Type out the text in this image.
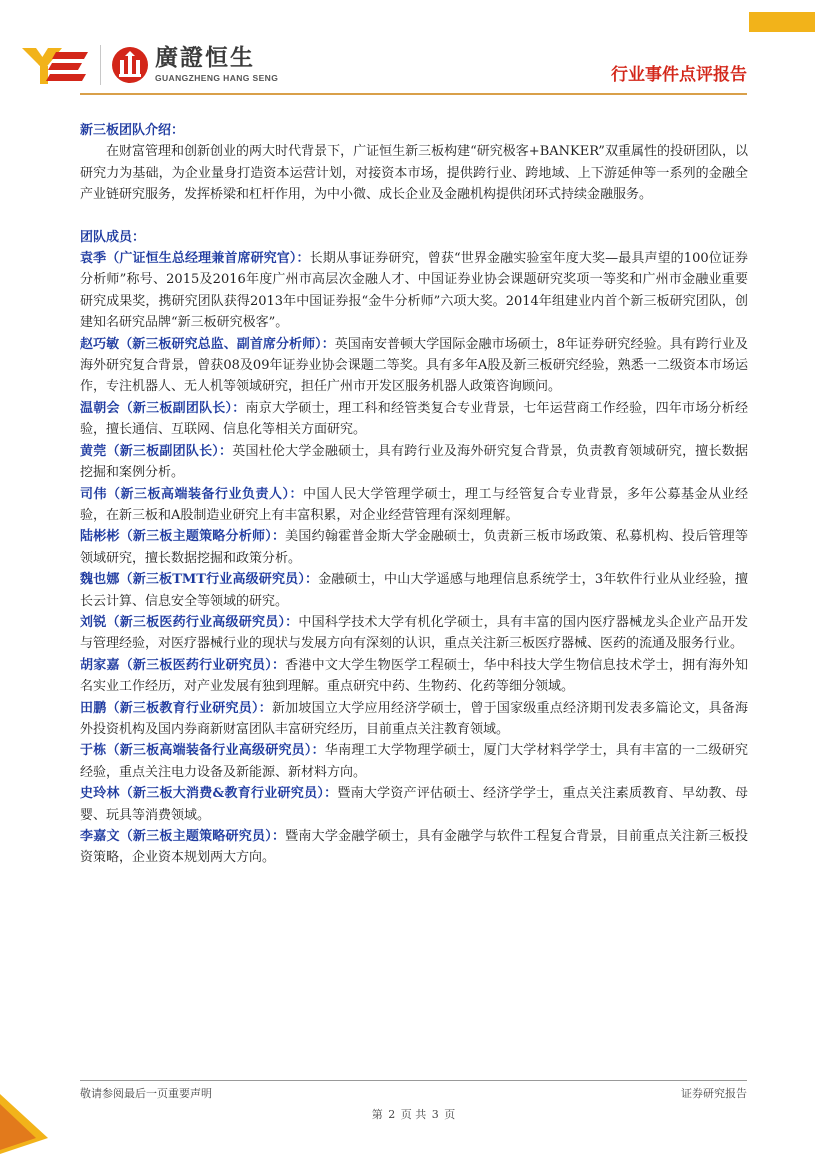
廣證恒生
GUANGZHENG HANG SENG	行业事件点评报告
新三板团队介绍：
在财富管理和创新创业的两大时代背景下，广证恒生新三板构建“研究极客+BANKER”双重属性的投研团队，以研究力为基础，为企业量身打造资本运营计划，对接资本市场，提供跨行业、跨地域、上下游延伸等一系列的金融全产业链研究服务，发挥桥梁和杠杆作用，为中小微、成长企业及金融机构提供闭环式持续金融服务。
团队成员：

袁季（广证恒生总经理兼首席研究官）：长期从事证券研究，曾获“世界金融实验室年度大奖—最具声望的100位证券分析师”称号、2015及2016年度广州市高层次金融人才、中国证券业协会课题研究奖项一等奖和广州市金融业重要研究成果奖，携研究团队获得2013年中国证券报“金牛分析师”六项大奖。2014年组建业内首个新三板研究团队，创建知名研究品牌“新三板研究极客”。

赵巧敏（新三板研究总监、副首席分析师）：英国南安普顿大学国际金融市场硕士，8年证券研究经验。具有跨行业及海外研究复合背景，曾获08及09年证券业协会课题二等奖。具有多年A股及新三板研究经验，熟悉一二级资本市场运作，专注机器人、无人机等领域研究，担任广州市开发区服务机器人政策咨询顾问。

温朝会（新三板副团队长）：南京大学硕士，理工科和经管类复合专业背景，七年运营商工作经验，四年市场分析经验，擅长通信、互联网、信息化等相关方面研究。

黄莞（新三板副团队长）：英国杜伦大学金融硕士，具有跨行业及海外研究复合背景，负责教育领域研究，擅长数据挖掘和案例分析。

司伟（新三板高端装备行业负责人）：中国人民大学管理学硕士，理工与经管复合专业背景，多年公募基金从业经验，在新三板和A股制造业研究上有丰富积累，对企业经营管理有深刻理解。

陆彬彬（新三板主题策略分析师）：美国约翰霍普金斯大学金融硕士，负责新三板市场政策、私募机构、投后管理等领域研究，擅长数据挖掘和政策分析。

魏也娜（新三板TMT行业高级研究员）：金融硕士，中山大学遥感与地理信息系统学士，3年软件行业从业经验，擅长云计算、信息安全等领域的研究。

刘锐（新三板医药行业高级研究员）：中国科学技术大学有机化学硕士，具有丰富的国内医疗器械龙头企业产品开发与管理经验，对医疗器械行业的现状与发展方向有深刻的认识，重点关注新三板医疗器械、医药的流通及服务行业。

胡家嘉（新三板医药行业研究员）：香港中文大学生物医学工程硕士，华中科技大学生物信息技术学士，拥有海外知名实业工作经历，对产业发展有独到理解。重点研究中药、生物药、化药等细分领域。

田鹏（新三板教育行业研究员）：新加坡国立大学应用经济学硕士，曾于国家级重点经济期刊发表多篇论文，具备海外投资机构及国内券商新财富团队丰富研究经历，目前重点关注教育领域。

于栋（新三板高端装备行业高级研究员）：华南理工大学物理学硕士，厦门大学材料学学士，具有丰富的一二级研究经验，重点关注电力设备及新能源、新材料方向。

史玲林（新三板大消费&教育行业研究员）：暨南大学资产评估硕士、经济学学士，重点关注素质教育、早幼教、母婴、玩具等消费领域。

李嘉文（新三板主题策略研究员）：暨南大学金融学硕士，具有金融学与软件工程复合背景，目前重点关注新三板投资策略，企业资本规划两大方向。

敬请参阅最后一页重要声明	证券研究报告
第 2 页 共 3 页
